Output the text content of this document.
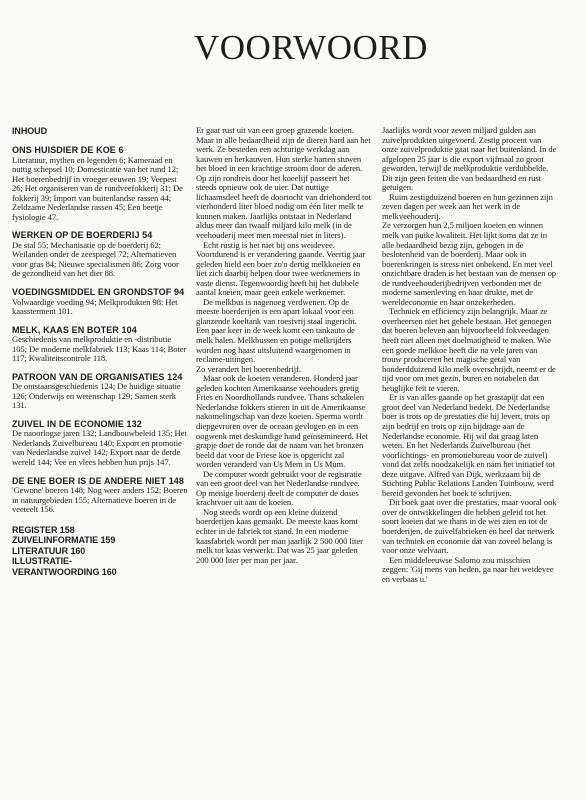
VOORWOORD
INHOUD
ONS HUISDIER DE KOE 6
Literatuur, mythen en legenden 6; Kameraad en nuttig schepsel 10; Domesticatie van het rund 12; Het boerenbedrijf in vroeger eeuwen 19; Veepest 26; Het organiseren van de rundveefokkerij 31; De fokkerij 39; Import van buitenlandse rassen 44; Zeldzame Nederlandse rassen 45; Een beetje fysiologie 47.
WERKEN OP DE BOERDERIJ 54
De stal 55; Mechanisatie op de boerderij 62; Weilanden onder de zeespiegel 72; Alternatieven voor gras 84; Nieuwe specialismen 86; Zorg voor de gezondheid van het dier 88.
VOEDINGSMIDDEL EN GRONDSTOF 94
Volwaardige voeding 94; Melkprodukten 98; Het kaassterment 101.
MELK, KAAS EN BOTER 104
Geschiedenis van melkproduktie en -distributie 105; De moderne melkfabriek 113; Kaas 114; Boter 117; Kwaliteitscontrole 118.
PATROON VAN DE ORGANISATIES 124
De ontstaansgeschiedenis 124; De huidige situatie 126; Onderwijs en wetenschap 129; Samen sterk 131.
ZUIVEL IN DE ECONOMIE 132
De naoorlogse jaren 132; Landbouwbeleid 135; Het Nederlands Zuivelbureau 140; Export en promotie van Nederlandse zuivel 142; Export naar de derde wereld 144; Vee en vlees hebben hun prijs 147.
DE ENE BOER IS DE ANDERE NIET 148
'Gewone' boeren 148; Nog weer anders 152; Boeren in natuurgebieden 155; Alternatieve boeren in de veeteelt 156.
REGISTER 158
ZUIVELINFORMATIE 159
LITERATUUR 160
ILLUSTRATIE-
VERANTWOORDING 160

Er gaat rust uit van een groep grazende koeien. Maar in alle bedaardheid zijn de dieren hard aan het werk. Ze besteden een achturige werkdag aan kauwen en herkauwen. Hun sterke harten stuwen het bloed in een krachtige stroom door de aderen. Op zijn rondreis door het koeelijf passeert het steeds opnieuw ook de uier. Dat nuttige lichaamsdeel heeft de doortocht van driehonderd tot vierhonderd liter bloed nodig om één liter melk te kunnen maken. Jaarlijks ontstaat in Nederland aldus meer dan twaalf miljard kilo melk (in de veehouderij meet men meestal niet in liters).

Echt rustig is het niet bij ons weidevee. Voortdurend is er verandering gaande. Veertig jaar geleden hield een boer zo'n dertig melkkoeien en liet zich daarbij helpen door twee werknemers in vaste dienst. Tegenwoordig heeft hij het dubbele aantal koeien, maar geen enkele werknemer.

De melkbus is nagenoeg verdwenen. Op de meeste boerderijen is een apart lokaal voor een glanzende koeltank van roestvrij staal ingericht. Een paar keer in de week komt een tankauto de melk halen. Melkbussen en potige melkrijders worden nog haast uitsluitend waargenomen in reclame-uitingen.

Zo verandert het boerenbedrijf.

Maar ook de koeien veranderen. Honderd jaar geleden kochten Amerikaanse veehouders gretig Fries en Noordhollands rundvee. Thans schakelen Nederlandse fokkers stieren in uit de Amerikaanse nakomelingschap van deze koeien. Sperma wordt diepgevroren over de oceaan gevlogen en in een oogwenk met deskundige hand geïnsemineerd. Het grapje doet de ronde dat de naam van het bronzen beeld dat voor de Friese koe is opgericht zal worden veranderd van Us Mem in Us Mum.

De computer wordt gebruikt voor de registratie van een groot deel van het Nederlandse rundvee. Op menige boerderij deelt de computer de doses krachtvoer uit aan de koeien.

Nog steeds wordt op een kleine duizend boerderijen kaas gemaakt. De meeste kaas komt echter in de fabriek tot stand. In een moderne kaasfabriek wordt per man jaarlijk 2 500 000 liter melk tot kaas verwerkt. Dat was 25 jaar geleden 200 000 liter per man per jaar.

Jaarlijks wordt voor zeven miljard gulden aan zuivelprodukten uitgevoerd. Zestig procent van onze zuivelproduktie gaat naar het buitenland. In de afgelopen 25 jaar is die export vijfmaal zo groot geworden, terwijl de melkproduktie verdubbelde. Dit zijn geen feiten die van bedaardheid en rust getuigen.

Ruim zestigduizend boeren en hun gezinnen zijn zeven dagen per week aan het werk in de melkveehouderij.

Ze verzorgen hun 2,5 miljoen koeien en winnen melk van puike kwaliteit. Het lijkt soms dat ze in alle bedaardheid bezig zijn, gebogen in de beslotenheid van de boerderij. Maar ook in boerenkringen is stress niet onbekend. En met veel onzichtbare draden is het bestaan van de mensen op de rundveehouderijbedrijven verbonden met de moderne samenleving en haar drukte, met de wereldeconomie en haar onzekerheden.

Techniek en efficiency zijn belangrijk. Maar ze overheersen niet het gehele bestaan. Het genoegen dat boeren beleven aan bijvoorbeeld fokveedagen heeft niet alleen met doelmatigheid te maken. Wie een goede melkkoe heeft die na vele jaren van trouw produceren het magische getal van honderdduizend kilo melk overschrijdt, neemt er de tijd voor om met gezin, buren en notabelen dat heuglijke feit te vieren.

Er is van alles gaande op het grastapijt dat een groot deel van Nederland bedekt. De Nederlandse boer is trots op de prestaties die hij levert, trots op zijn bedrijf en trots op zijn bijdrage aan de Nederlandse economie. Hij wil dat graag laten weten. En het Nederlands Zuivelbureau (het voorlichtings- en promotiebureau voor de zuivel) vond dat zelfs noodzakelijk en nam het initiatief tot deze uitgave. Alfred van Dijk, werkzaam bij de Stichting Public Relations Landen Tuinbouw, werd bereid gevonden het boek te schrijven.

Dit boek gaat over die prestaties, maar vooral ook over de ontwikkelingen die hebben geleid tot het soort koeien dat we thans in de wei zien en tot de boerderijen, de zuivelfabrieken en heel dat netwerk van techniek en economie dat van zoveel belang is voor onze welvaart.

Een middeleeuwse Salomo zou misschien zeggen: 'Gij mens van heden, ga naar het weidevee en verbaas u.'
